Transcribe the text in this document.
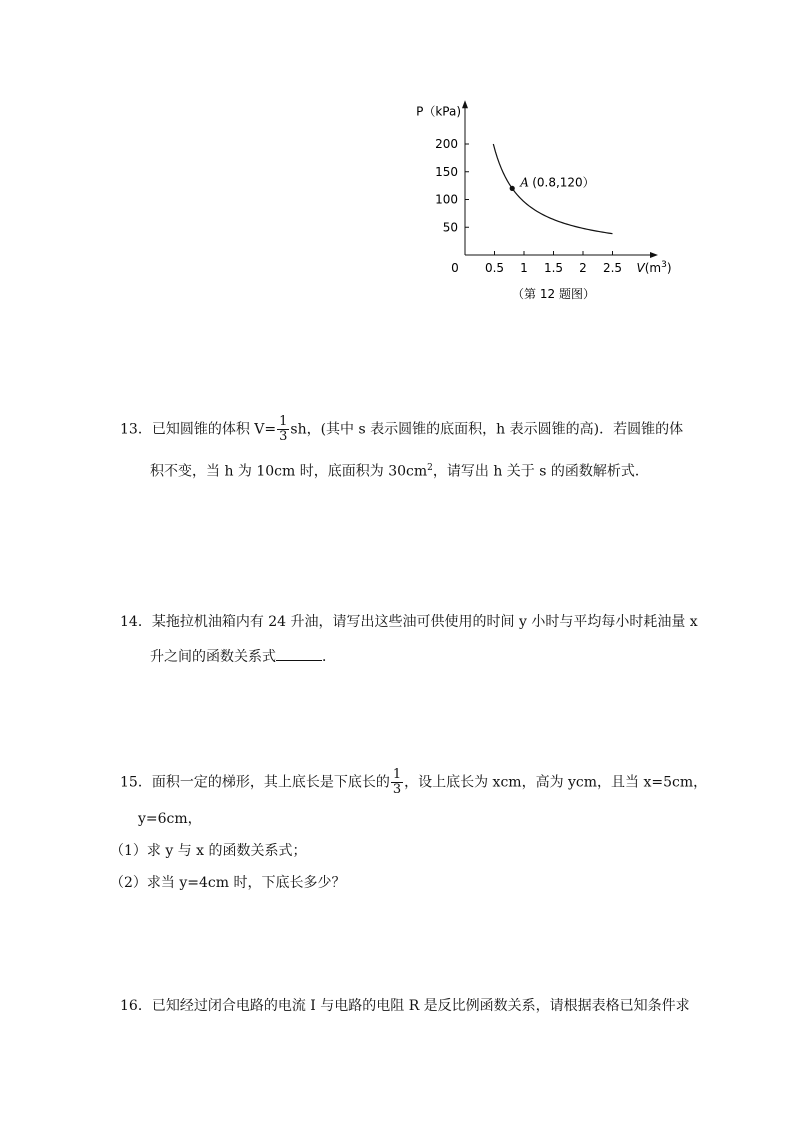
P（kPa)
0 0.5 1 1.5 2 2.5 $V(m^3)$
200
150
100
50
A (0.8,120）
（第 12 题图）
13．已知圆锥的体积 $V= \frac{1}{3}$ sh，(其中 s 表示圆锥的底面积，h 表示圆锥的高)．若圆锥的体
积不变，当 h 为 10cm 时，底面积为 $30cm^2$，请写出 h 关于 s 的函数解析式．
14．某拖拉机油箱内有 24 升油，请写出这些油可供使用的时间 y 小时与平均每小时耗油量 x
升之间的函数关系式	．
15．面积一定的梯形，其上底长是下底长的 $\frac{1}{3}$ ，设上底长为 xcm，高为 ycm，且当 x=5cm，
y=6cm，
（1）求 y 与 x 的函数关系式；
（2）求当 y=4cm 时，下底长多少？
16．已知经过闭合电路的电流 I 与电路的电阻 R 是反比例函数关系，请根据表格已知条件求
